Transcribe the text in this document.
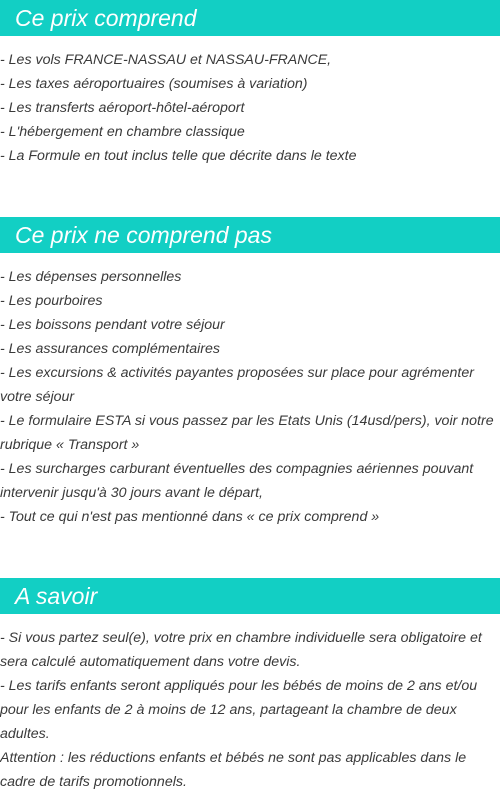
Ce prix comprend
- Les vols FRANCE-NASSAU et NASSAU-FRANCE,
- Les taxes aéroportuaires (soumises à variation)
- Les transferts aéroport-hôtel-aéroport
- L'hébergement en chambre classique
- La Formule en tout inclus telle que décrite dans le texte
Ce prix ne comprend pas
- Les dépenses personnelles
- Les pourboires
- Les boissons pendant votre séjour
- Les assurances complémentaires
- Les excursions & activités payantes proposées sur place pour agrémenter votre séjour
- Le formulaire ESTA si vous passez par les Etats Unis (14usd/pers), voir notre rubrique « Transport »
- Les surcharges carburant éventuelles des compagnies aériennes pouvant intervenir jusqu'à 30 jours avant le départ,
- Tout ce qui n'est pas mentionné dans « ce prix comprend »
A savoir
- Si vous partez seul(e), votre prix en chambre individuelle sera obligatoire et sera calculé automatiquement dans votre devis.
- Les tarifs enfants seront appliqués pour les bébés de moins de 2 ans et/ou pour les enfants de 2 à moins de 12 ans, partageant la chambre de deux adultes.
Attention : les réductions enfants et bébés ne sont pas applicables dans le cadre de tarifs promotionnels.
